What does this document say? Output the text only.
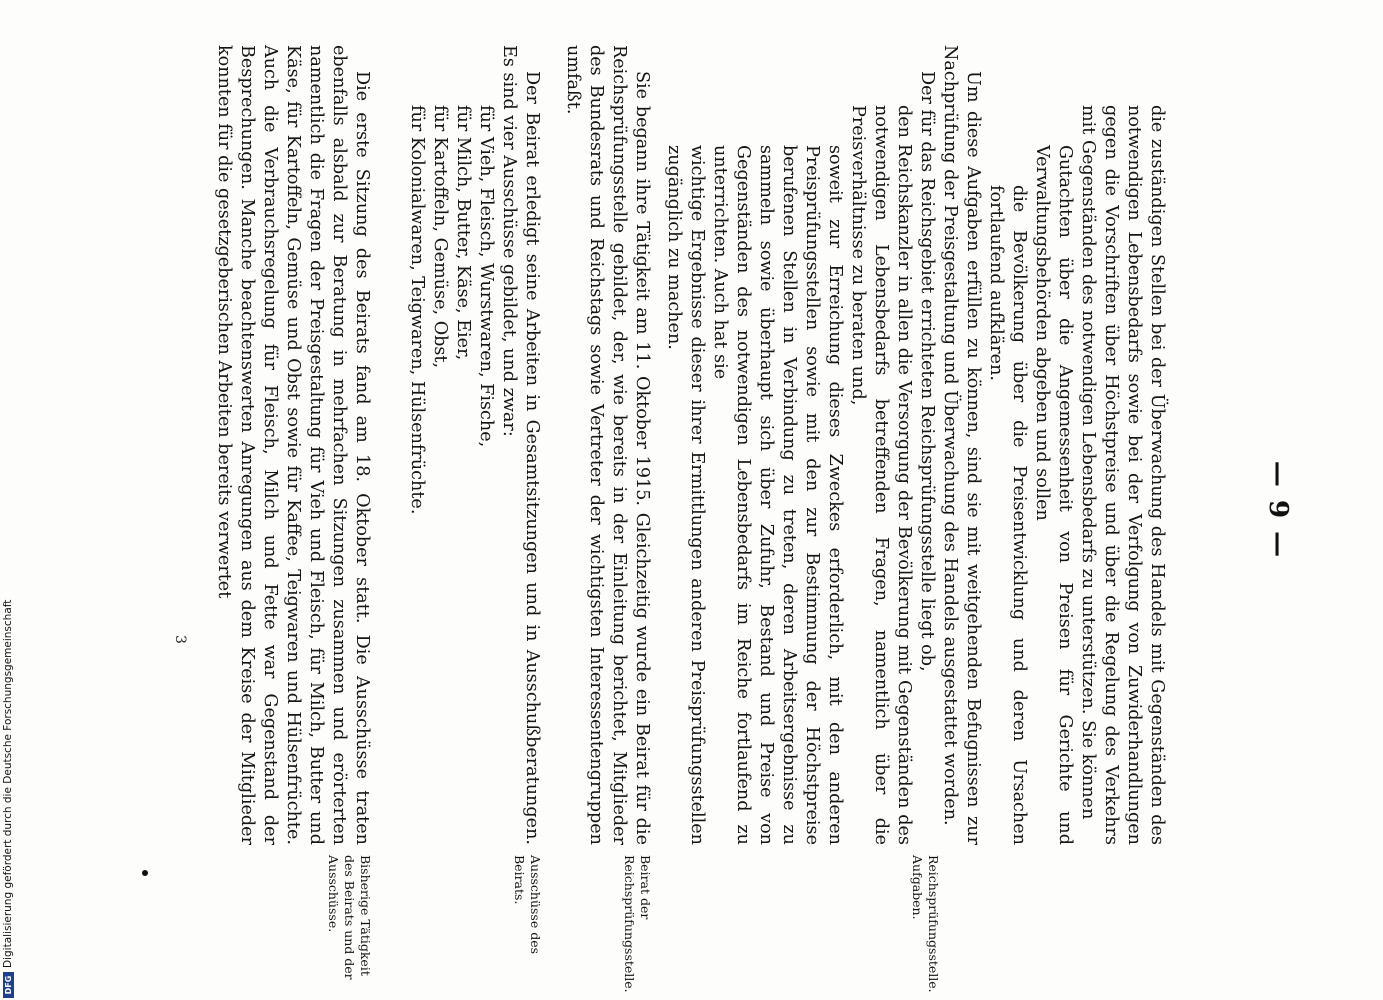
DFG
Digitalisierung gefördert durch die Deutsche Forschungsgemeinschaft
— 9 —

die zuständigen Stellen bei der Überwachung des Handels mit Gegenständen des notwendigen Lebensbedarfs sowie bei der Verfolgung von Zuwiderhandlungen gegen die Vorschriften über Höchstpreise und über die Regelung des Verkehrs mit Gegenständen des notwendigen Lebensbedarfs zu unterstützen. Sie können

Gutachten über die Angemessenheit von Preisen für Gerichte und Verwaltungsbehörden abgeben und sollen

die Bevölkerung über die Preisentwicklung und deren Ursachen fortlaufend aufklären.

Um diese Aufgaben erfüllen zu können, sind sie mit weitgehenden Befugnissen zur Nachprüfung der Preisgestaltung und Überwachung des Handels ausgestattet worden.

Der für das Reichsgebiet errichteten Reichsprüfungsstelle liegt ob,

den Reichskanzler in allen die Versorgung der Bevölkerung mit Gegenständen des notwendigen Lebensbedarfs betreffenden Fragen, namentlich über die Preisverhältnisse zu beraten und,

soweit zur Erreichung dieses Zweckes erforderlich, mit den anderen Preisprüfungsstellen sowie mit den zur Bestimmung der Höchstpreise berufenen Stellen in Verbindung zu treten, deren Arbeitsergebnisse zu sammeln sowie überhaupt sich über Zufuhr, Bestand und Preise von Gegenständen des notwendigen Lebensbedarfs im Reiche fortlaufend zu unterrichten. Auch hat sie

wichtige Ergebnisse dieser ihrer Ermittlungen anderen Preisprüfungsstellen zugänglich zu machen.

Sie begann ihre Tätigkeit am 11. Oktober 1915. Gleichzeitig wurde ein Beirat für die Reichsprüfungsstelle gebildet, der, wie bereits in der Einleitung berichtet, Mitglieder des Bundesrats und Reichstags sowie Vertreter der wichtigsten Interessentengruppen umfaßt.

Der Beirat erledigt seine Arbeiten in Gesamtsitzungen und in Ausschußberatungen. Es sind vier Ausschüsse gebildet, und zwar:

für Vieh, Fleisch, Wurstwaren, Fische,

für Milch, Butter, Käse, Eier,

für Kartoffeln, Gemüse, Obst,

für Kolonialwaren, Teigwaren, Hülsenfrüchte.

Die erste Sitzung des Beirats fand am 18. Oktober statt. Die Ausschüsse traten ebenfalls alsbald zur Beratung in mehrfachen Sitzungen zusammen und erörterten namentlich die Fragen der Preisgestaltung für Vieh und Fleisch, für Milch, Butter und Käse, für Kartoffeln, Gemüse und Obst sowie für Kaffee, Teigwaren und Hülsenfrüchte. Auch die Verbrauchsregelung für Fleisch, Milch und Fette war Gegenstand der Besprechungen. Manche beachtenswerten Anregungen aus dem Kreise der Mitglieder konnten für die gesetzgeberischen Arbeiten bereits verwertet

Reichsprüfungsstelle. Aufgaben.
Beirat der Reichsprüfungsstelle.
Ausschüsse des Beirats.
Bisherige Tätigkeit des Beirats und der Ausschüsse.
3
